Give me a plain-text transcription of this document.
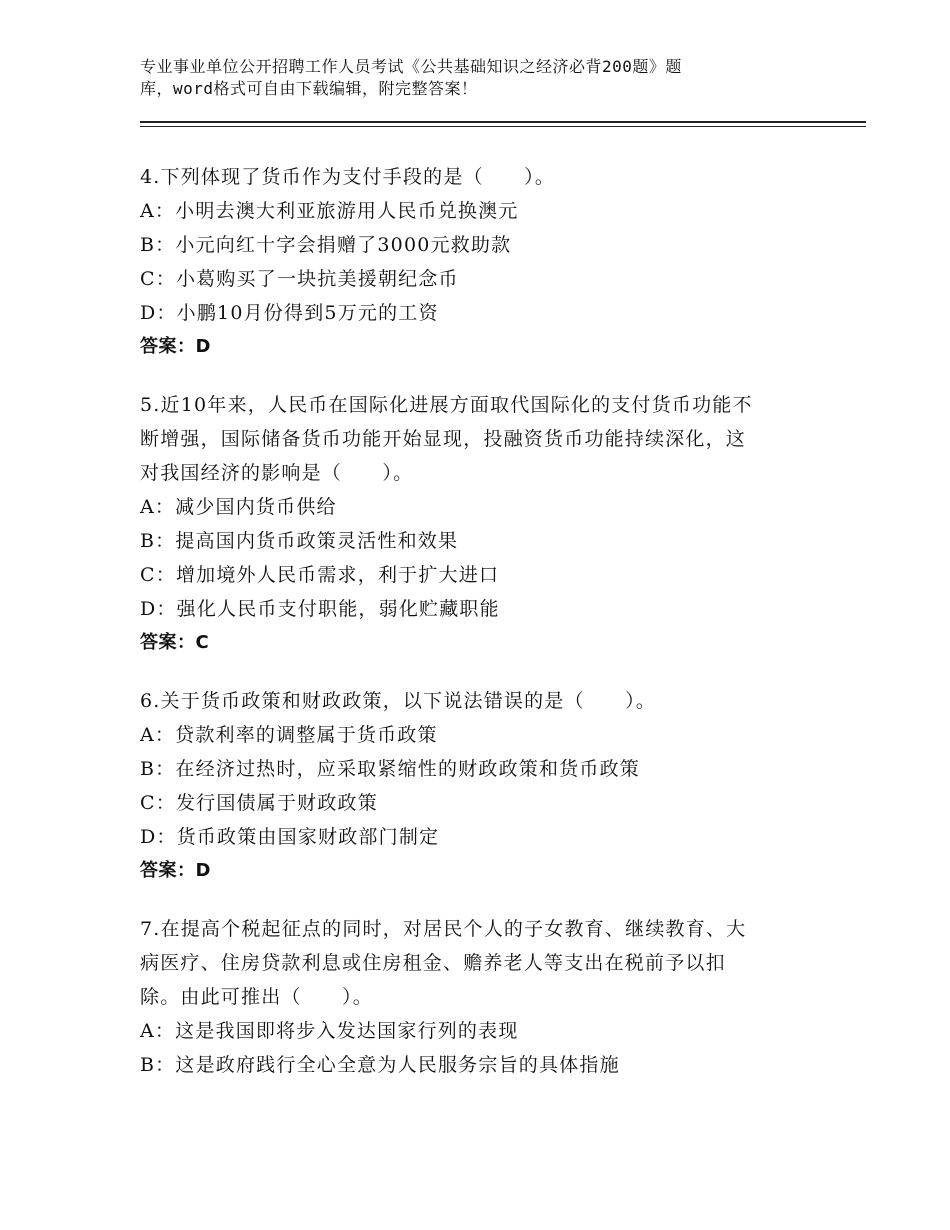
专业事业单位公开招聘工作人员考试《公共基础知识之经济必背200题》题
库，word格式可自由下载编辑，附完整答案！
4.下列体现了货币作为支付手段的是（　　）。
A：小明去澳大利亚旅游用人民币兑换澳元
B：小元向红十字会捐赠了3000元救助款
C：小葛购买了一块抗美援朝纪念币
D：小鹏10月份得到5万元的工资
答案：D
5.近10年来，人民币在国际化进展方面取代国际化的支付货币功能不
断增强，国际储备货币功能开始显现，投融资货币功能持续深化，这
对我国经济的影响是（　　）。
A：减少国内货币供给
B：提高国内货币政策灵活性和效果
C：增加境外人民币需求，利于扩大进口
D：强化人民币支付职能，弱化贮藏职能
答案：C
6.关于货币政策和财政政策，以下说法错误的是（　　）。
A：贷款利率的调整属于货币政策
B：在经济过热时，应采取紧缩性的财政政策和货币政策
C：发行国债属于财政政策
D：货币政策由国家财政部门制定
答案：D
7.在提高个税起征点的同时，对居民个人的子女教育、继续教育、大
病医疗、住房贷款利息或住房租金、赡养老人等支出在税前予以扣
除。由此可推出（　　）。
A：这是我国即将步入发达国家行列的表现
B：这是政府践行全心全意为人民服务宗旨的具体指施
